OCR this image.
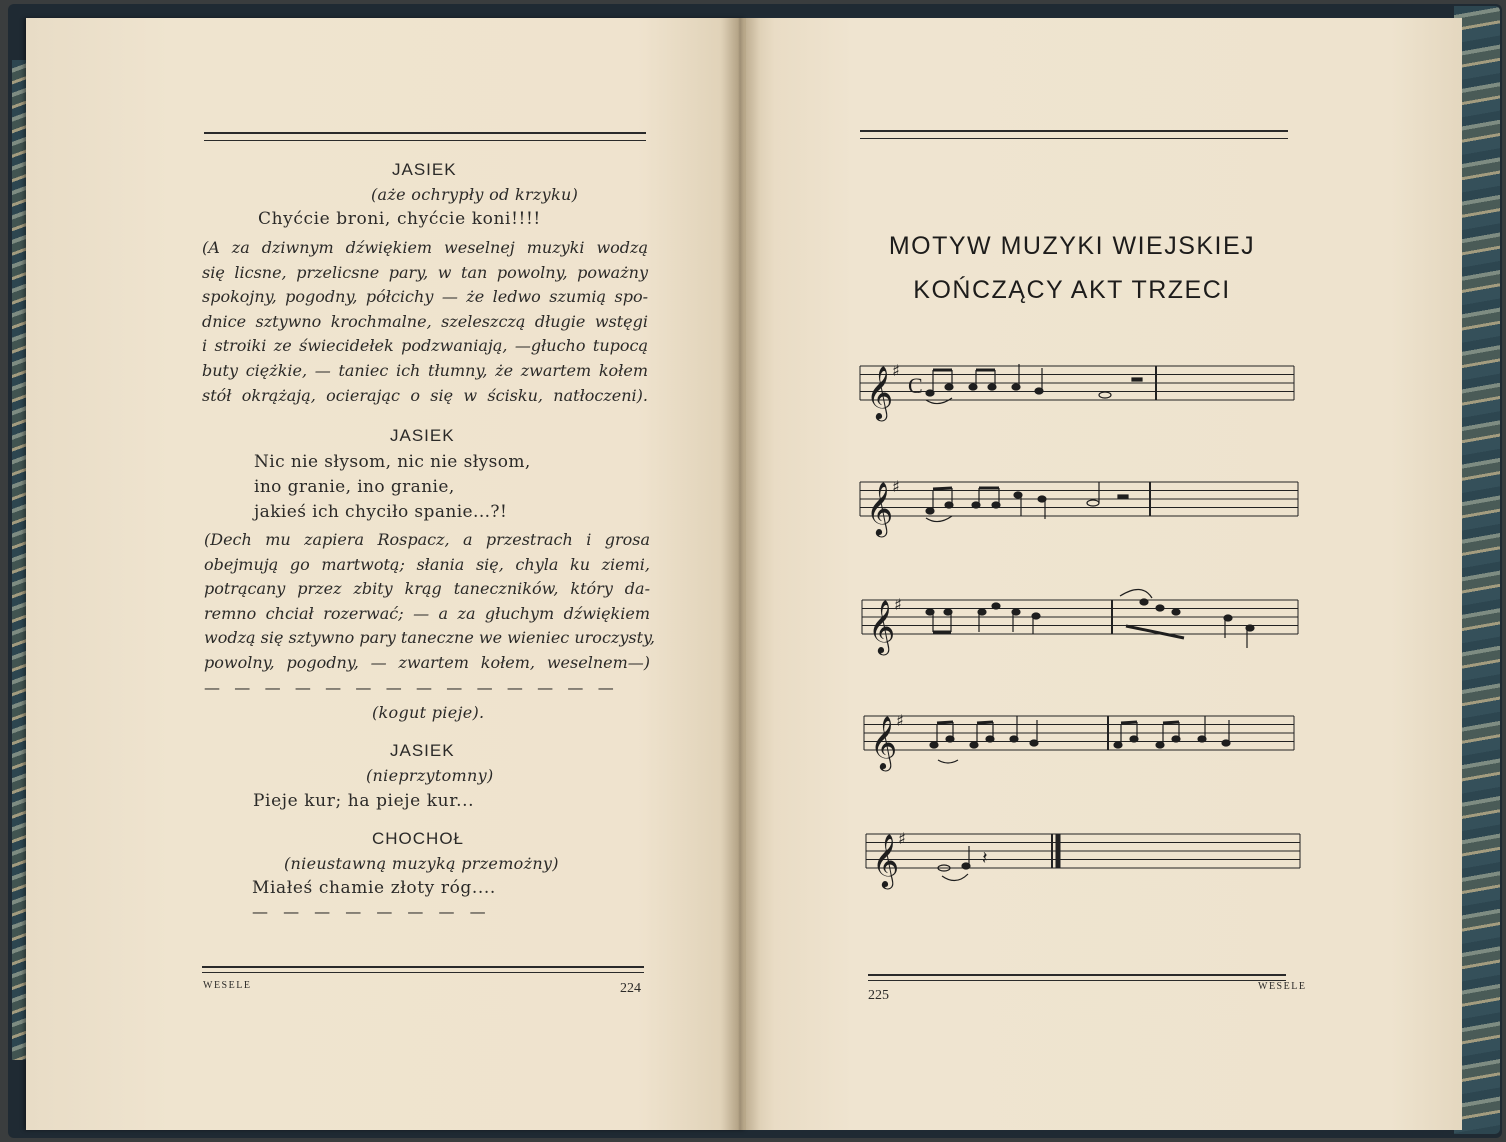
JASIEK
(aże ochrypły od krzyku)
Chyćcie broni, chyćcie koni!!!!
(A za dziwnym dźwiękiem weselnej muzyki wodzą
się licsne, przelicsne pary, w tan powolny, poważny
spokojny, pogodny, półcichy — że ledwo szumią spo-
dnice sztywno krochmalne, szeleszczą długie wstęgi
i stroiki ze świecidełek podzwaniają, —głucho tupocą
buty ciężkie, — taniec ich tłumny, że zwartem kołem
stół okrążają, ocierając o się w ścisku, natłoczeni).
JASIEK
Nic nie słysom, nic nie słysom,
ino granie, ino granie,
jakieś ich chyciło spanie...?!
(Dech mu zapiera Rospacz, a przestrach i grosa
obejmują go martwotą; słania się, chyla ku ziemi,
potrącany przez zbity krąg taneczników, który da-
remno chciał rozerwać; — a za głuchym dźwiękiem
wodzą się sztywno pary taneczne we wieniec uroczysty,
powolny, pogodny, — zwartem kołem, weselnem—)
— — — — — — — — — — — — — —
(kogut pieje).
JASIEK
(nieprzytomny)
Pieje kur; ha pieje kur...
CHOCHOŁ
(nieustawną muzyką przemożny)
Miałeś chamie złoty róg....
— — — — — — — —
WESELE	224
MOTYW MUZYKI WIEJSKIEJ
KOŃCZĄCY AKT TRZECI
𝄞
𝄞
𝄞
𝄞
𝄞
♯
♯
♯
♯
♯
C
𝄽
225
WESELE
